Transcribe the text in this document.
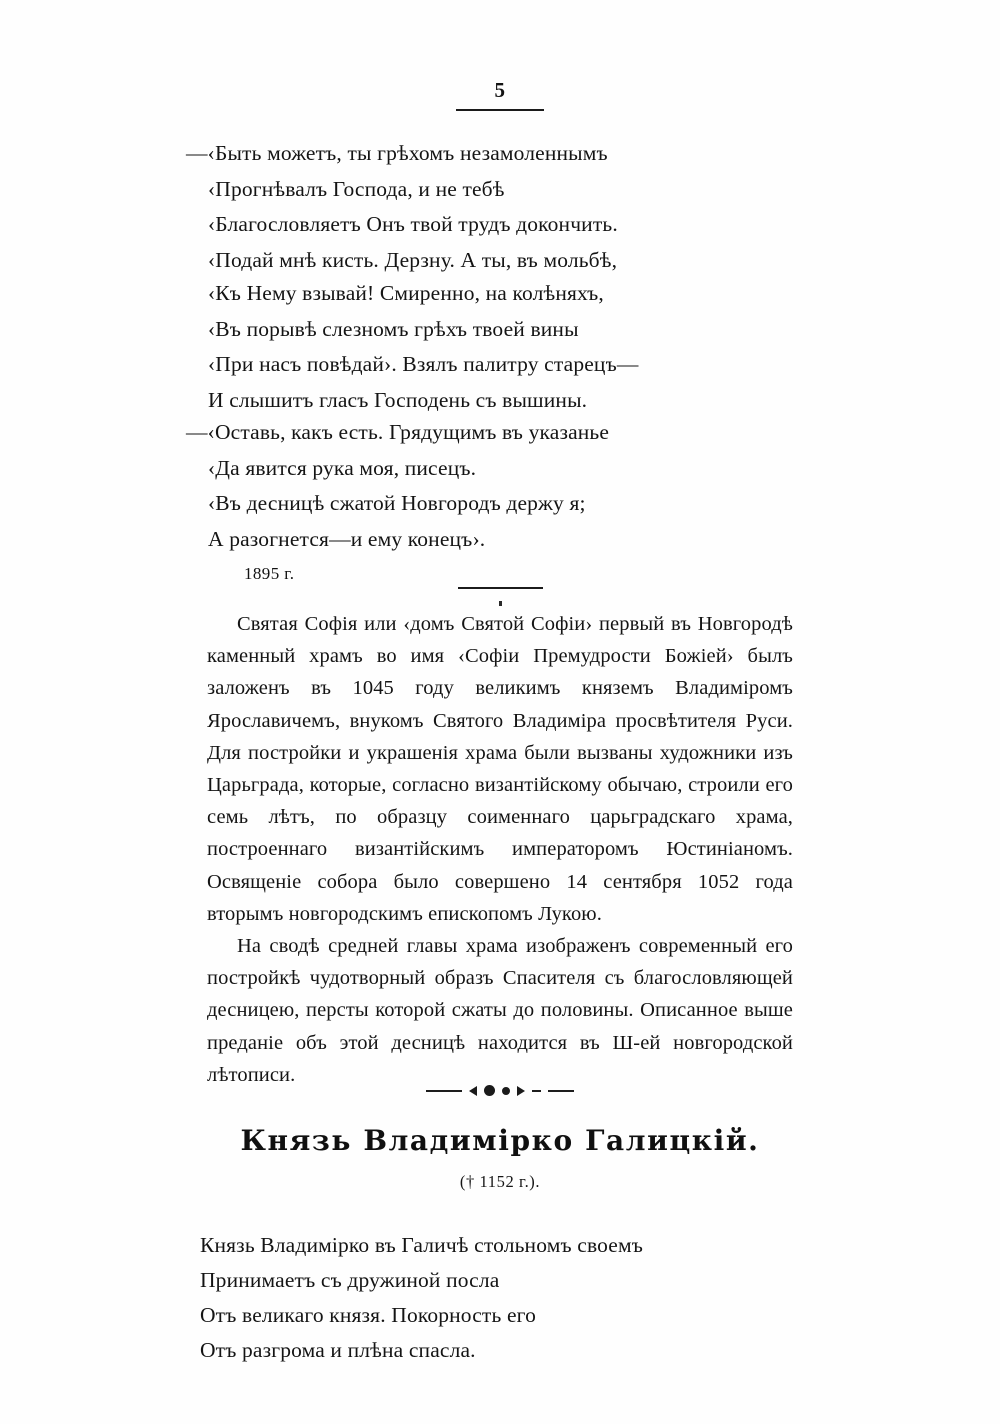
5
—‹Быть можетъ, ты грѣхомъ незамоленнымъ
‹Прогнѣвалъ Господа, и не тебѣ
‹Благословляетъ Онъ твой трудъ докончить.
‹Подай мнѣ кисть. Дерзну. А ты, въ мольбѣ,
‹Къ Нему взывай! Смиренно, на колѣняхъ,
‹Въ порывѣ слезномъ грѣхъ твоей вины
‹При насъ повѣдай›. Взялъ палитру старецъ—
И слышитъ гласъ Господень съ вышины.
—‹Оставь, какъ есть. Грядущимъ въ указанье
‹Да явится рука моя, писецъ.
‹Въ десницѣ сжатой Новгородъ держу я;
А разогнется—и ему конецъ›.
1895 г.

Святая Софія или ‹домъ Святой Софіи› первый въ Новгородѣ каменный храмъ во имя ‹Софіи Премудрости Божіей› былъ заложенъ въ 1045 году великимъ княземъ Владиміромъ Ярославичемъ, внукомъ Святого Владиміра просвѣтителя Руси. Для постройки и украшенія храма были вызваны художники изъ Царьграда, которые, согласно византійскому обычаю, строили его семь лѣтъ, по образцу соименнаго царьградскаго храма, построеннаго византійскимъ императоромъ Юстиніаномъ. Освященіе собора было совершено 14 сентября 1052 года вторымъ новгородскимъ епископомъ Лукою.

На сводѣ средней главы храма изображенъ современный его постройкѣ чудотворный образъ Спасителя съ благословляющей десницею, персты которой сжаты до половины. Описанное выше преданіе объ этой десницѣ находится въ Ш-ей новгородской лѣтописи.

Князь Владимірко Галицкій.
(† 1152 г.).
Князь Владимірко въ Галичѣ стольномъ своемъ
Принимаетъ съ дружиной посла
Отъ великаго князя. Покорность его
Отъ разгрома и плѣна спасла.
